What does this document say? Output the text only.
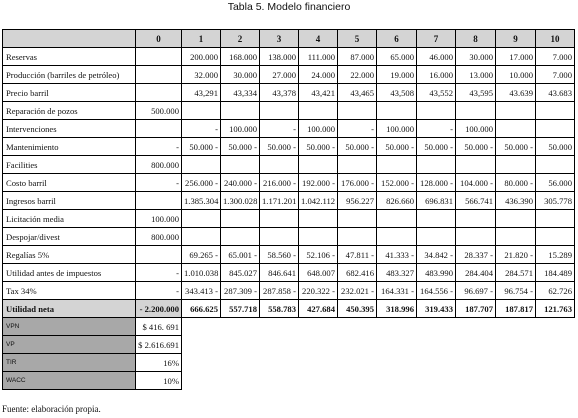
Tabla 5. Modelo financiero
	0	1	2	3	4	5	6	7	8	9	10
Reservas		200.000	168.000	138.000	111.000	87.000	65.000	46.000	30.000	17.000	7.000
Producción (barriles de petróleo)		32.000	30.000	27.000	24.000	22.000	19.000	16.000	13.000	10.000	7.000
Precio barril		43,291	43,334	43,378	43,421	43,465	43,508	43,552	43,595	43.639	43.683
Reparación de pozos	500.000										
Intervenciones		-	100.000	-	100.000	-	100.000	-	100.000		
Mantenimiento	-	50.000 -	50.000 -	50.000 -	50.000 -	50.000 -	50.000 -	50.000 -	50.000 -	50.000 -	50.000
Facilities	800.000										
Costo barril	-	256.000 -	240.000 -	216.000 -	192.000 -	176.000 -	152.000 -	128.000 -	104.000 -	80.000 -	56.000
Ingresos barril		1.385.304	1.300.028	1.171.201	1.042.112	956.227	826.660	696.831	566.741	436.390	305.778
Licitación media	100.000										
Despojar/divest	800.000										
Regalías 5%		69.265 -	65.001 -	58.560 -	52.106 -	47.811 -	41.333 -	34.842 -	28.337 -	21.820 -	15.289
Utilidad antes de impuestos	-	1.010.038	845.027	846.641	648.007	682.416	483.327	483.990	284.404	284.571	184.489
Tax 34%	-	343.413 -	287.309 -	287.858 -	220.322 -	232.021 -	164.331 -	164.556 -	96.697 -	96.754 -	62.726
Utilidad neta	- 2.200.000	666.625	557.718	558.783	427.684	450.395	318.996	319.433	187.707	187.817	121.763
VPN	$ 416. 691										
VP	$ 2.616.691										
TIR	16%										
WACC	10%										
Fuente: elaboración propia.
